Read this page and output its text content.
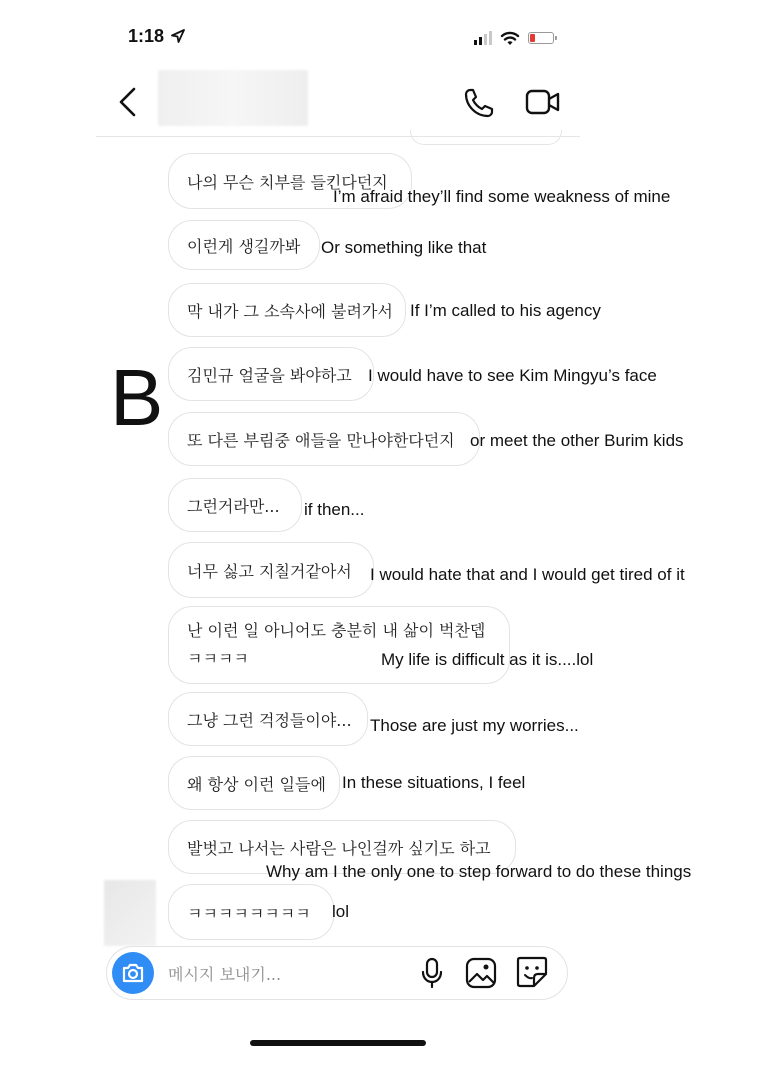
1:18
B
나의 무슨 치부를 들킨다던지
이런게 생길까봐
막 내가 그 소속사에 불려가서
김민규 얼굴을 봐야하고
또 다른 부림중 애들을 만나야한다던지
그런거라만...
너무 싫고 지칠거같아서
난 이런 일 아니어도 충분히 내 삶이 벅찬뎁
ㅋㅋㅋㅋ
그냥 그런 걱정들이야...
왜 항상 이런 일들에
발벗고 나서는 사람은 나인걸까 싶기도 하고
ㅋㅋㅋㅋㅋㅋㅋㅋ
I’m afraid they’ll find some weakness of mine
Or something like that
If I’m called to his agency
I would have to see Kim Mingyu’s face
or meet the other Burim kids
if then...
I would hate that and I would get tired of it
My life is difficult as it is....lol
Those are just my worries...
In these situations, I feel
Why am I the only one to step forward to do these things
lol
메시지 보내기...
